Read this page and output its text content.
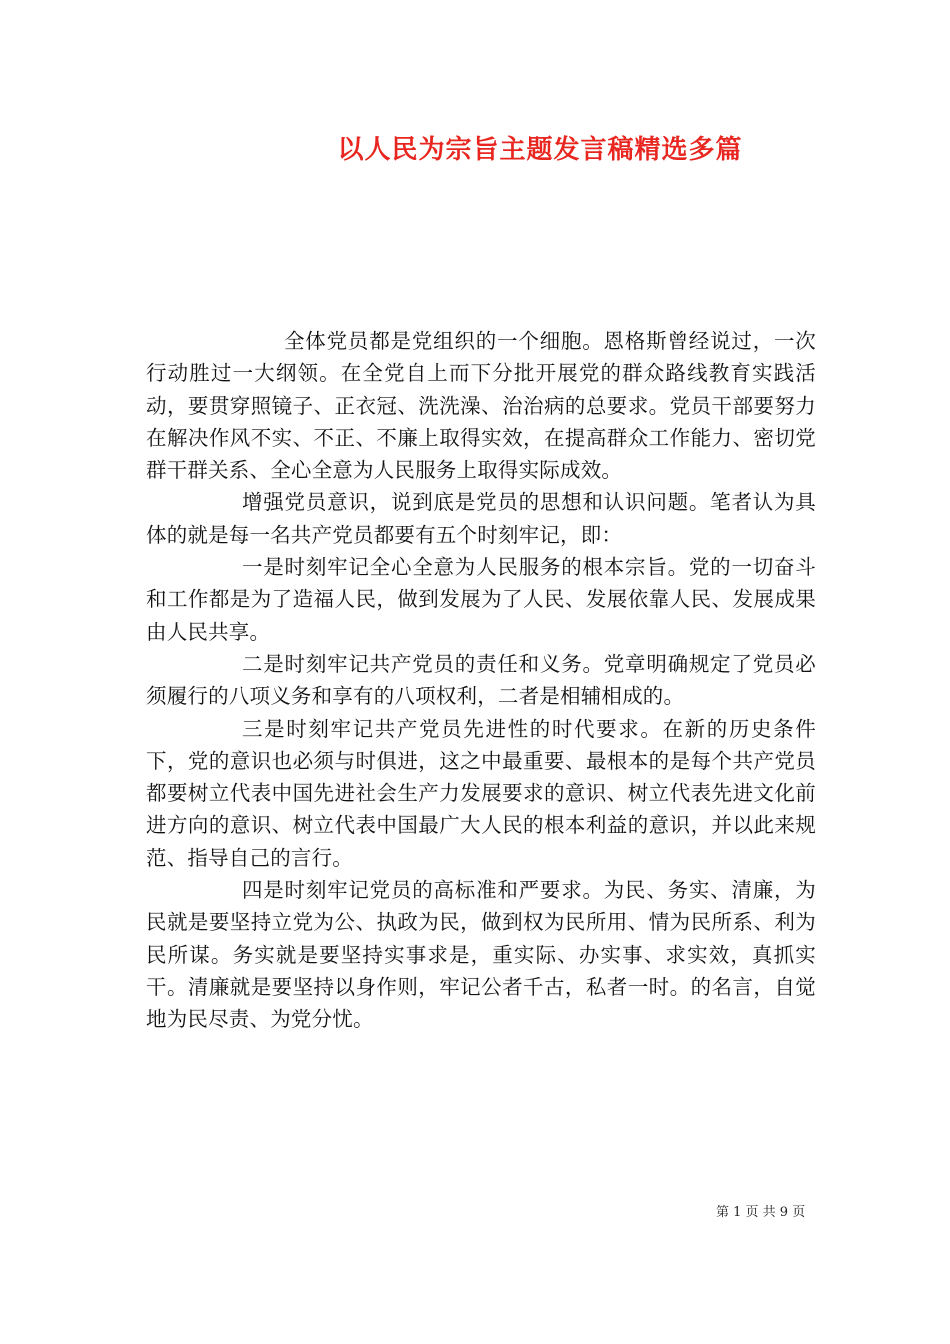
以人民为宗旨主题发言稿精选多篇

全体党员都是党组织的一个细胞。恩格斯曾经说过，一次行动胜过一大纲领。在全党自上而下分批开展党的群众路线教育实践活动，要贯穿照镜子、正衣冠、洗洗澡、治治病的总要求。党员干部要努力在解决作风不实、不正、不廉上取得实效，在提高群众工作能力、密切党群干群关系、全心全意为人民服务上取得实际成效。

增强党员意识，说到底是党员的思想和认识问题。笔者认为具体的就是每一名共产党员都要有五个时刻牢记，即：

一是时刻牢记全心全意为人民服务的根本宗旨。党的一切奋斗和工作都是为了造福人民，做到发展为了人民、发展依靠人民、发展成果由人民共享。

二是时刻牢记共产党员的责任和义务。党章明确规定了党员必须履行的八项义务和享有的八项权利，二者是相辅相成的。

三是时刻牢记共产党员先进性的时代要求。在新的历史条件下，党的意识也必须与时俱进，这之中最重要、最根本的是每个共产党员都要树立代表中国先进社会生产力发展要求的意识、树立代表先进文化前进方向的意识、树立代表中国最广大人民的根本利益的意识，并以此来规范、指导自己的言行。

四是时刻牢记党员的高标准和严要求。为民、务实、清廉，为民就是要坚持立党为公、执政为民，做到权为民所用、情为民所系、利为民所谋。务实就是要坚持实事求是，重实际、办实事、求实效，真抓实干。清廉就是要坚持以身作则，牢记公者千古，私者一时。的名言，自觉地为民尽责、为党分忧。

第 1 页 共 9 页
